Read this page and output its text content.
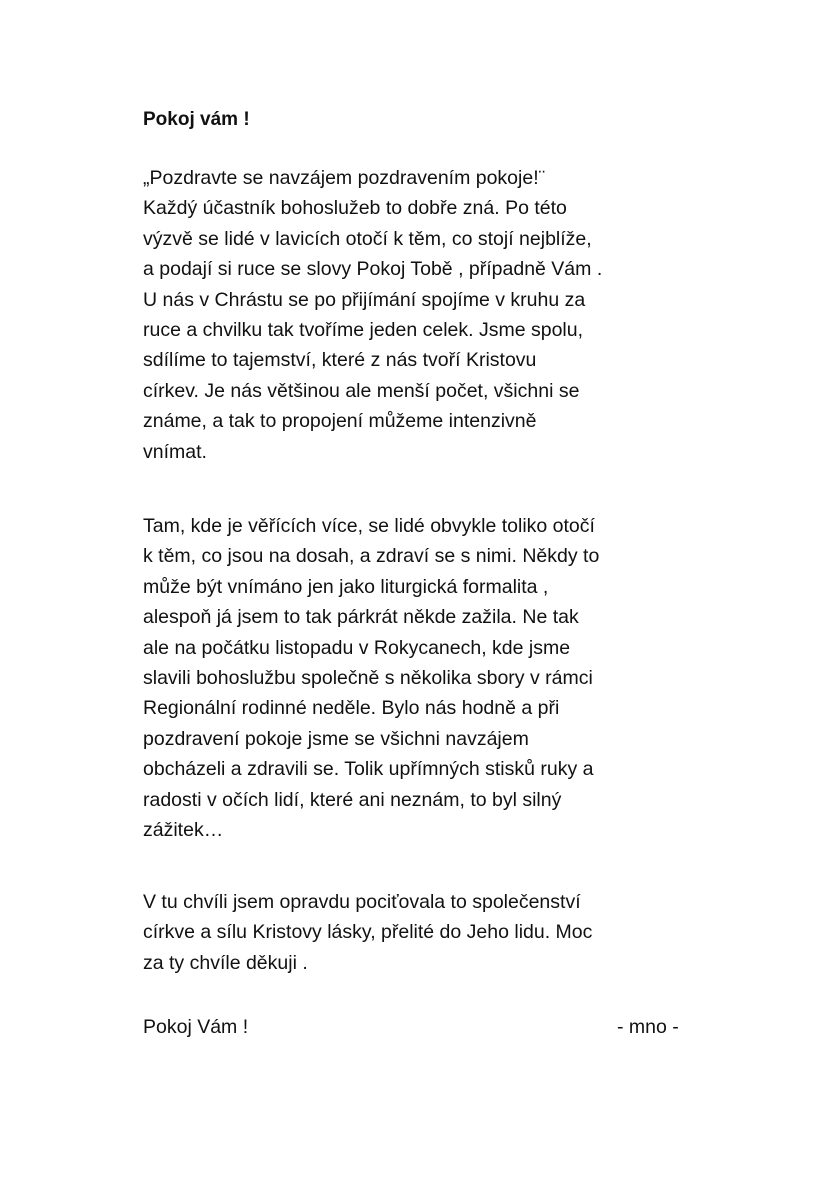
Pokoj vám !
„Pozdravte se navzájem pozdravením pokoje!¨
Každý účastník bohoslužeb to dobře zná. Po této
výzvě se lidé v lavicích otočí k těm, co stojí nejblíže,
a podají si ruce se slovy Pokoj Tobě , případně Vám .
U nás v Chrástu se po přijímání spojíme v kruhu za
ruce a chvilku tak tvoříme jeden celek. Jsme spolu,
sdílíme to tajemství, které z nás tvoří Kristovu
církev. Je nás většinou ale menší počet, všichni se
známe, a tak to propojení můžeme intenzivně
vnímat.
Tam, kde je věřících více, se lidé obvykle toliko otočí
k těm, co jsou na dosah, a zdraví se s nimi. Někdy to
může být vnímáno jen jako liturgická formalita ,
alespoň já jsem to tak párkrát někde zažila. Ne tak
ale na počátku listopadu v Rokycanech, kde jsme
slavili bohoslužbu společně s několika sbory v rámci
Regionální rodinné neděle. Bylo nás hodně a při
pozdravení pokoje jsme se všichni navzájem
obcházeli a zdravili se. Tolik upřímných stisků ruky a
radosti v očích lidí, které ani neznám, to byl silný
zážitek…
V tu chvíli jsem opravdu pociťovala to společenství
církve a sílu Kristovy lásky, přelité do Jeho lidu. Moc
za ty chvíle děkuji .
Pokoj Vám !	- mno -
